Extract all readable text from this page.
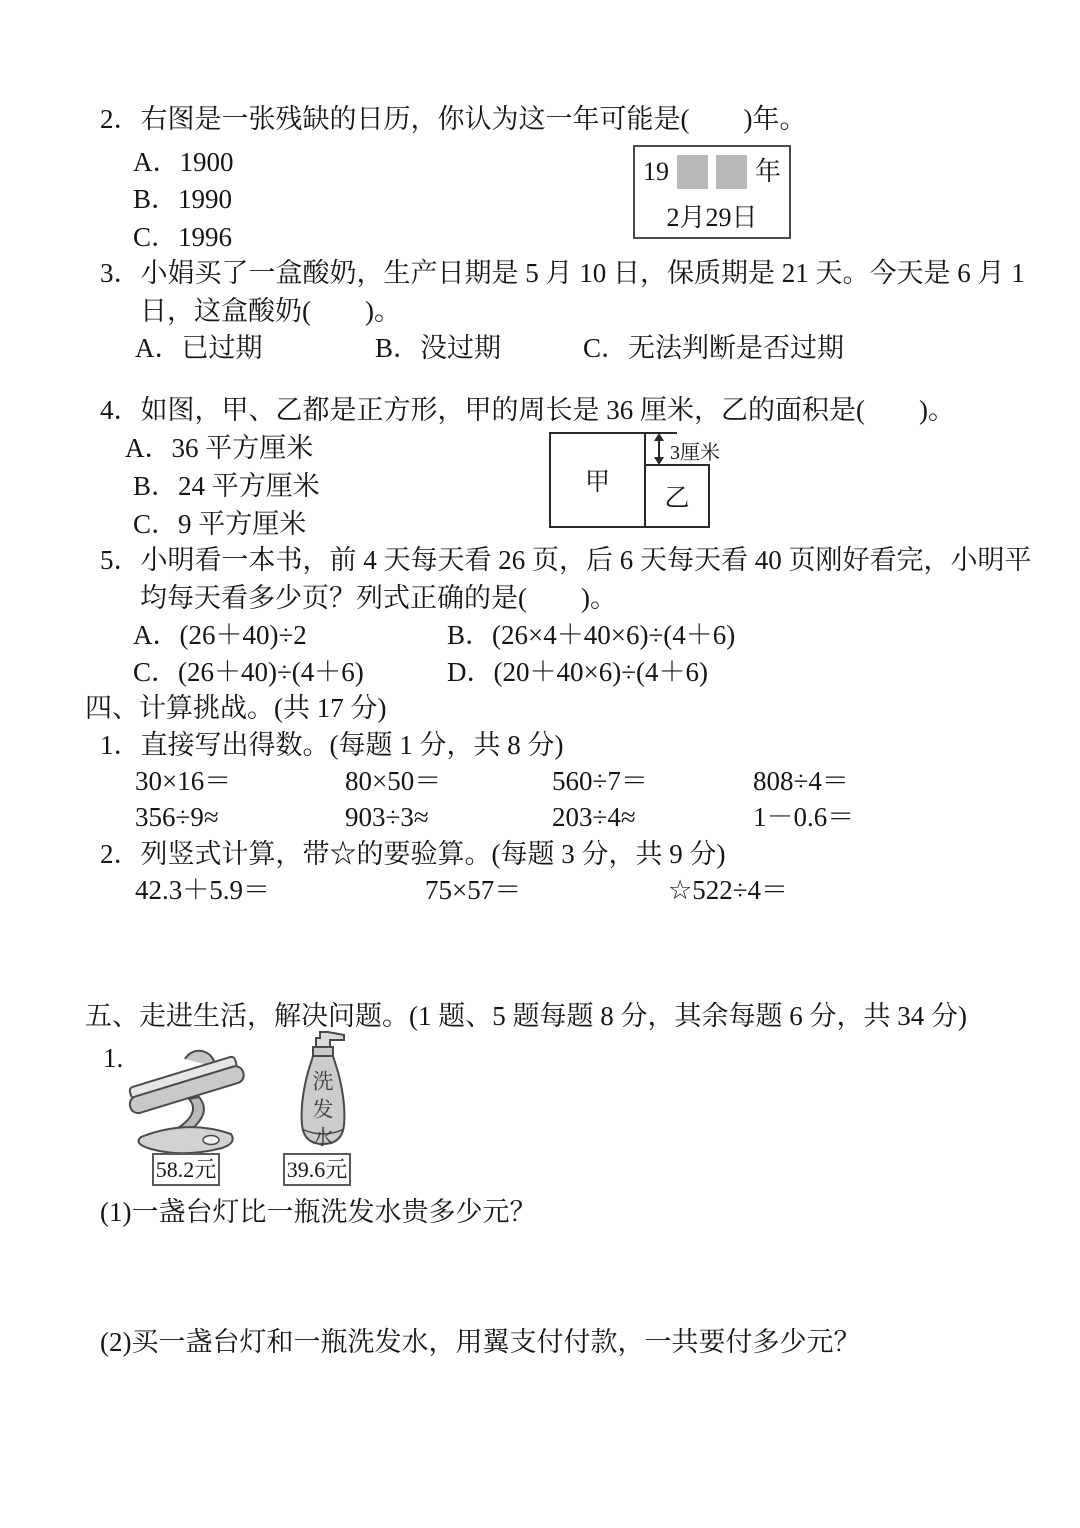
2．右图是一张残缺的日历，你认为这一年可能是(　　)年。
A．1900
B．1990
C．1996
19	年
2月29日
3．小娟买了一盒酸奶，生产日期是 5 月 10 日，保质期是 21 天。今天是 6 月 1
日，这盒酸奶(　　)。
A．已过期	B．没过期	C．无法判断是否过期
4．如图，甲、乙都是正方形，甲的周长是 36 厘米，乙的面积是(　　)。
A．36 平方厘米
B．24 平方厘米
C．9 平方厘米
甲
乙
3厘米
5．小明看一本书，前 4 天每天看 26 页，后 6 天每天看 40 页刚好看完，小明平
均每天看多少页？列式正确的是(　　)。
A．(26＋40)÷2	B．(26×4＋40×6)÷(4＋6)
C．(26＋40)÷(4＋6)	D．(20＋40×6)÷(4＋6)
四、计算挑战。(共 17 分)
1．直接写出得数。(每题 1 分，共 8 分)
30×16＝	80×50＝	560÷7＝	808÷4＝
356÷9≈	903÷3≈	203÷4≈	1－0.6＝
2．列竖式计算，带☆的要验算。(每题 3 分，共 9 分)
42.3＋5.9＝	75×57＝	☆522÷4＝
五、走进生活，解决问题。(1 题、5 题每题 8 分，其余每题 6 分，共 34 分)
1.
洗发水
58.2元	39.6元
(1)一盏台灯比一瓶洗发水贵多少元？
(2)买一盏台灯和一瓶洗发水，用翼支付付款，一共要付多少元？
